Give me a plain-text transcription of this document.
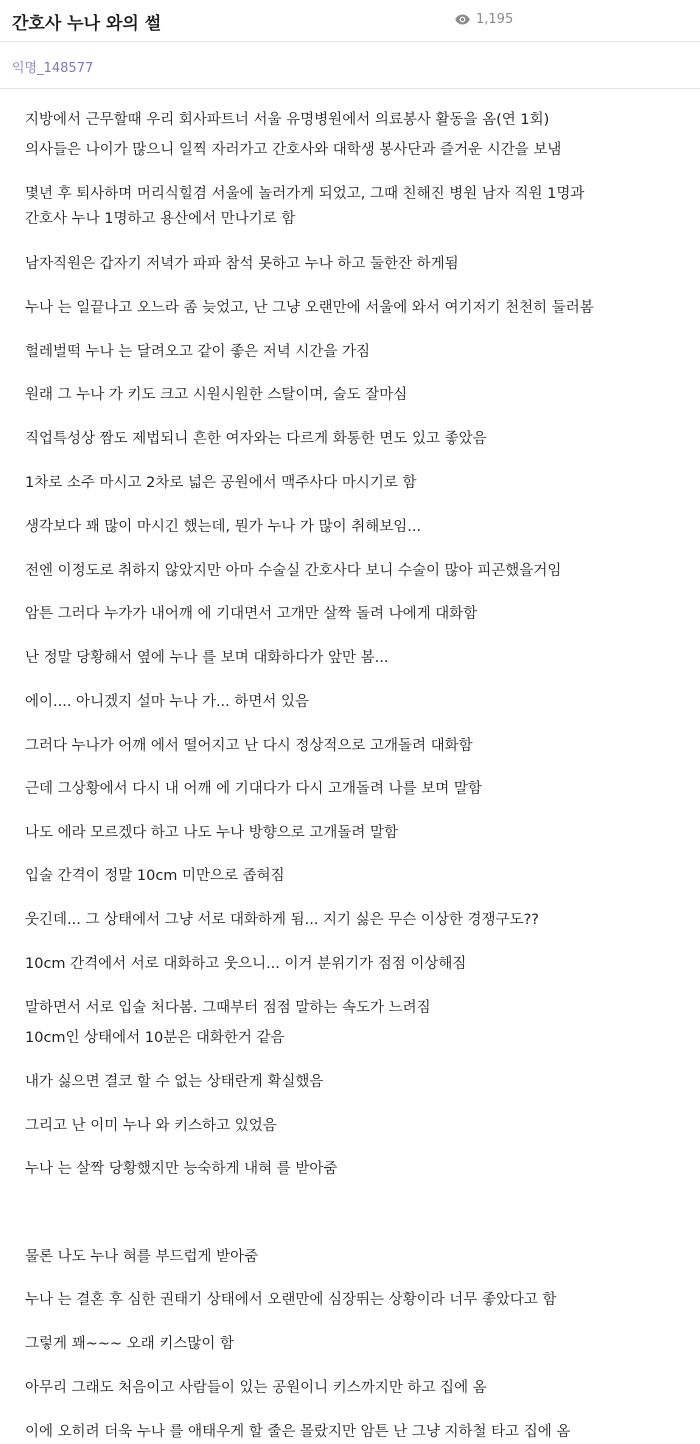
간호사 누나 와의 썰	1,195
익명_148577
지방에서 근무할때 우리 회사파트너 서울 유명병원에서 의료봉사 활동을 옴(연 1회)
의사들은 나이가 많으니 일찍 자러가고 간호사와 대학생 봉사단과 즐거운 시간을 보냄
몇년 후 퇴사하며 머리식힐겸 서울에 놀러가게 되었고, 그때 친해진 병원 남자 직원 1명과
간호사 누나 1명하고 용산에서 만나기로 함
남자직원은 갑자기 저녁가 파파 참석 못하고 누나 하고 둘한잔 하게됨
누나 는 일끝나고 오느라 좀 늦었고, 난 그냥 오랜만에 서울에 와서 여기저기 천천히 둘러봄
헐레벌떡 누나 는 달려오고 같이 좋은 저녁 시간을 가짐
원래 그 누나 가 키도 크고 시원시원한 스탈이며, 술도 잘마심
직업특성상 짬도 제법되니 흔한 여자와는 다르게 화통한 면도 있고 좋았음
1차로 소주 마시고 2차로 넓은 공원에서 맥주사다 마시기로 함
생각보다 꽤 많이 마시긴 했는데, 뭔가 누나 가 많이 취해보임...
전엔 이정도로 취하지 않았지만 아마 수술실 간호사다 보니 수술이 많아 피곤했을거임
암튼 그러다 누가가 내어깨 에 기대면서 고개만 살짝 돌려 나에게 대화함
난 정말 당황해서 옆에 누나 를 보며 대화하다가 앞만 봄...
에이.... 아니겠지 설마 누나 가... 하면서 있음
그러다 누나가 어깨 에서 떨어지고 난 다시 정상적으로 고개돌려 대화함
근데 그상황에서 다시 내 어깨 에 기대다가 다시 고개돌려 나를 보며 말함
나도 에라 모르겠다 하고 나도 누나 방향으로 고개돌려 말함
입술 간격이 정말 10cm 미만으로 좁혀짐
웃긴데... 그 상태에서 그냥 서로 대화하게 됨... 지기 싫은 무슨 이상한 경쟁구도??
10cm 간격에서 서로 대화하고 웃으니... 이거 분위기가 점점 이상해짐
말하면서 서로 입술 처다봄. 그때부터 점점 말하는 속도가 느려짐
10cm인 상태에서 10분은 대화한거 같음
내가 싫으면 결코 할 수 없는 상태란게 확실했음
그리고 난 이미 누나 와 키스하고 있었음
누나 는 살짝 당황했지만 능숙하게 내혀 를 받아줌
물론 나도 누나 혀를 부드럽게 받아줌
누나 는 결혼 후 심한 권태기 상태에서 오랜만에 심장뛰는 상황이라 너무 좋았다고 함
그렇게 꽤~~~ 오래 키스많이 함
아무리 그래도 처음이고 사람들이 있는 공원이니 키스까지만 하고 집에 옴
이에 오히려 더욱 누나 를 애태우게 할 줄은 몰랐지만 암튼 난 그냥 지하철 타고 집에 옴
